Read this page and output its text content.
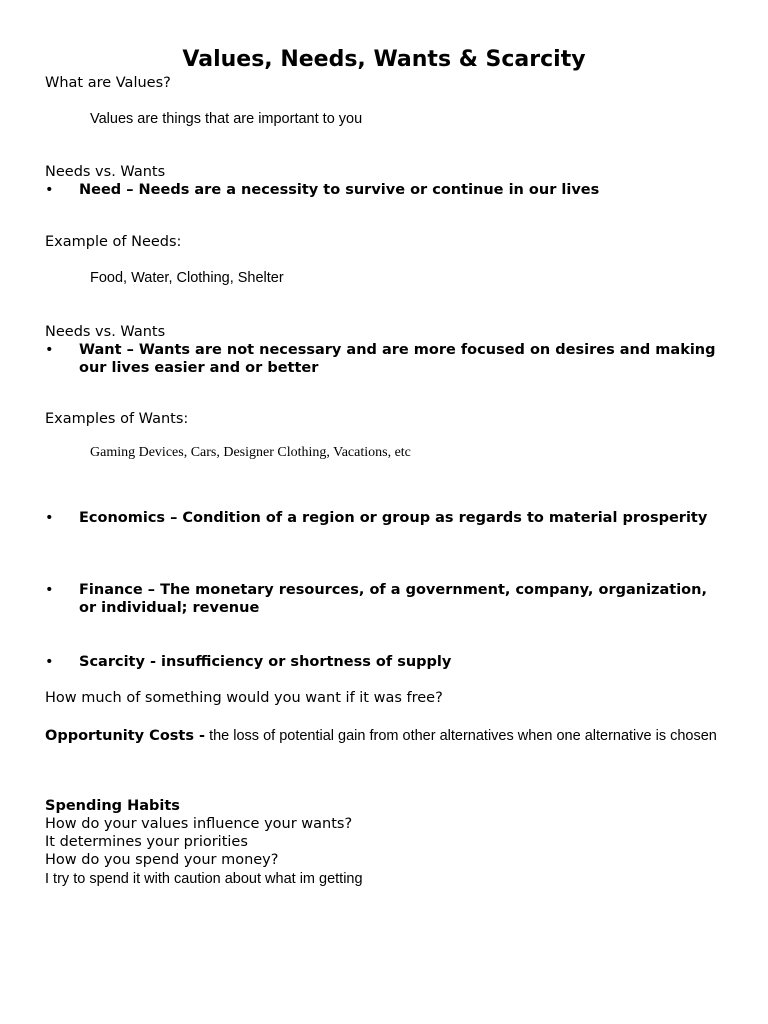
Values, Needs, Wants & Scarcity

What are Values?

Values are things that are important to you

Needs vs. Wants

• Need – Needs are a necessity to survive or continue in our lives

Example of Needs:

Food, Water, Clothing, Shelter

Needs vs. Wants

• Want – Wants are not necessary and are more focused on desires and making our lives easier and or better

Examples of Wants:

Gaming Devices, Cars, Designer Clothing, Vacations, etc

• Economics – Condition of a region or group as regards to material prosperity
• Finance – The monetary resources, of a government, company, organization, or individual; revenue
• Scarcity - insufficiency or shortness of supply

How much of something would you want if it was free?

Opportunity Costs - the loss of potential gain from other alternatives when one alternative is chosen

Spending Habits

How do your values influence your wants?

It determines your priorities

How do you spend your money?

I try to spend it with caution about what im getting
